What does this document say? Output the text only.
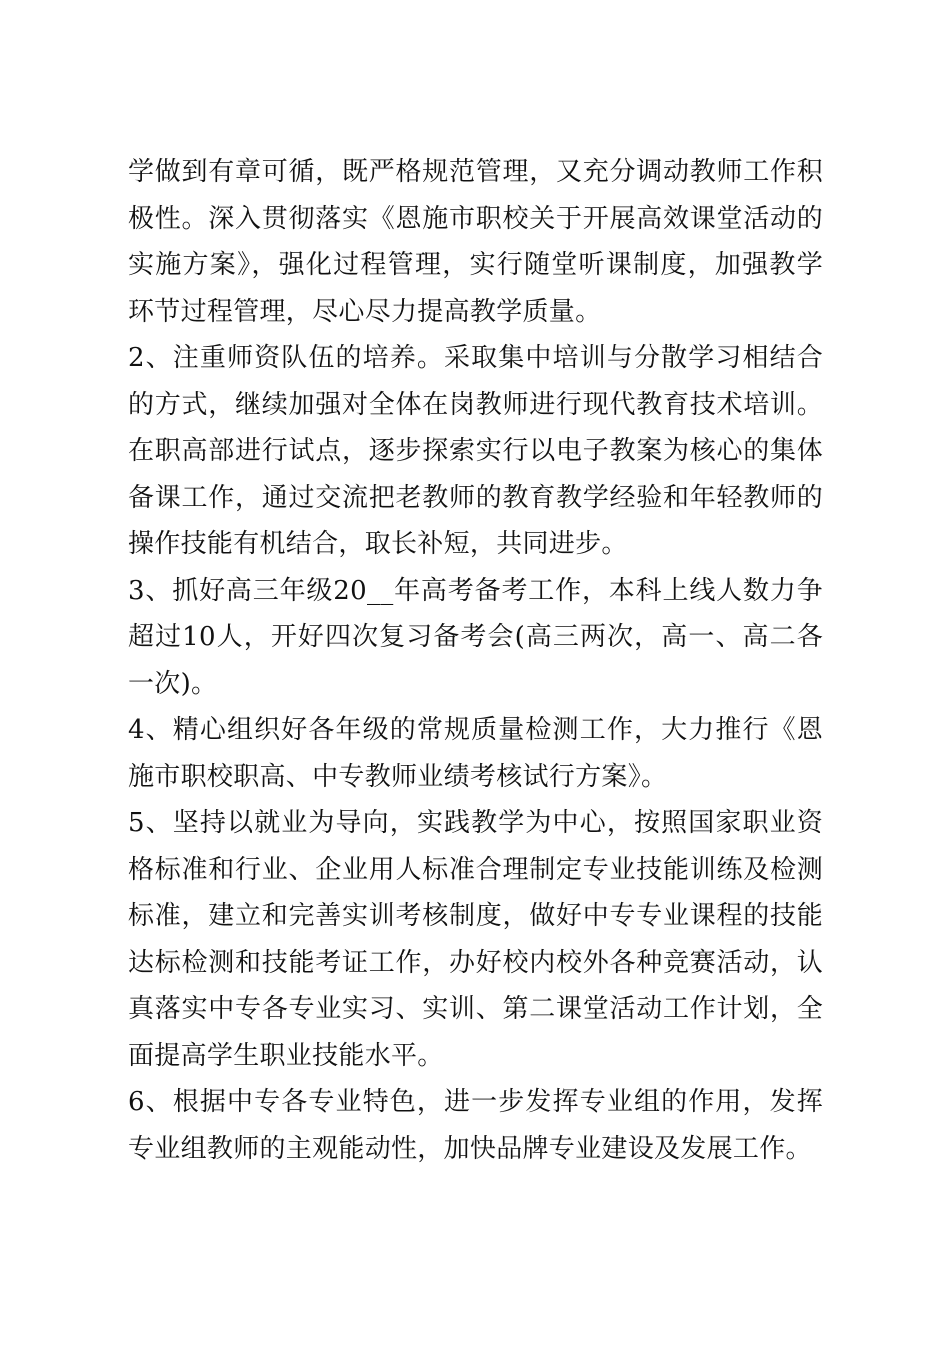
学做到有章可循，既严格规范管理，又充分调动教师工作积极性。深入贯彻落实《恩施市职校关于开展高效课堂活动的实施方案》，强化过程管理，实行随堂听课制度，加强教学环节过程管理，尽心尽力提高教学质量。

2、注重师资队伍的培养。采取集中培训与分散学习相结合的方式，继续加强对全体在岗教师进行现代教育技术培训。在职高部进行试点，逐步探索实行以电子教案为核心的集体备课工作，通过交流把老教师的教育教学经验和年轻教师的操作技能有机结合，取长补短，共同进步。

3、抓好高三年级20__年高考备考工作，本科上线人数力争超过10人，开好四次复习备考会(高三两次，高一、高二各一次)。

4、精心组织好各年级的常规质量检测工作，大力推行《恩施市职校职高、中专教师业绩考核试行方案》。

5、坚持以就业为导向，实践教学为中心，按照国家职业资格标准和行业、企业用人标准合理制定专业技能训练及检测标准，建立和完善实训考核制度，做好中专专业课程的技能达标检测和技能考证工作，办好校内校外各种竞赛活动，认真落实中专各专业实习、实训、第二课堂活动工作计划，全面提高学生职业技能水平。

6、根据中专各专业特色，进一步发挥专业组的作用，发挥专业组教师的主观能动性，加快品牌专业建设及发展工作。
